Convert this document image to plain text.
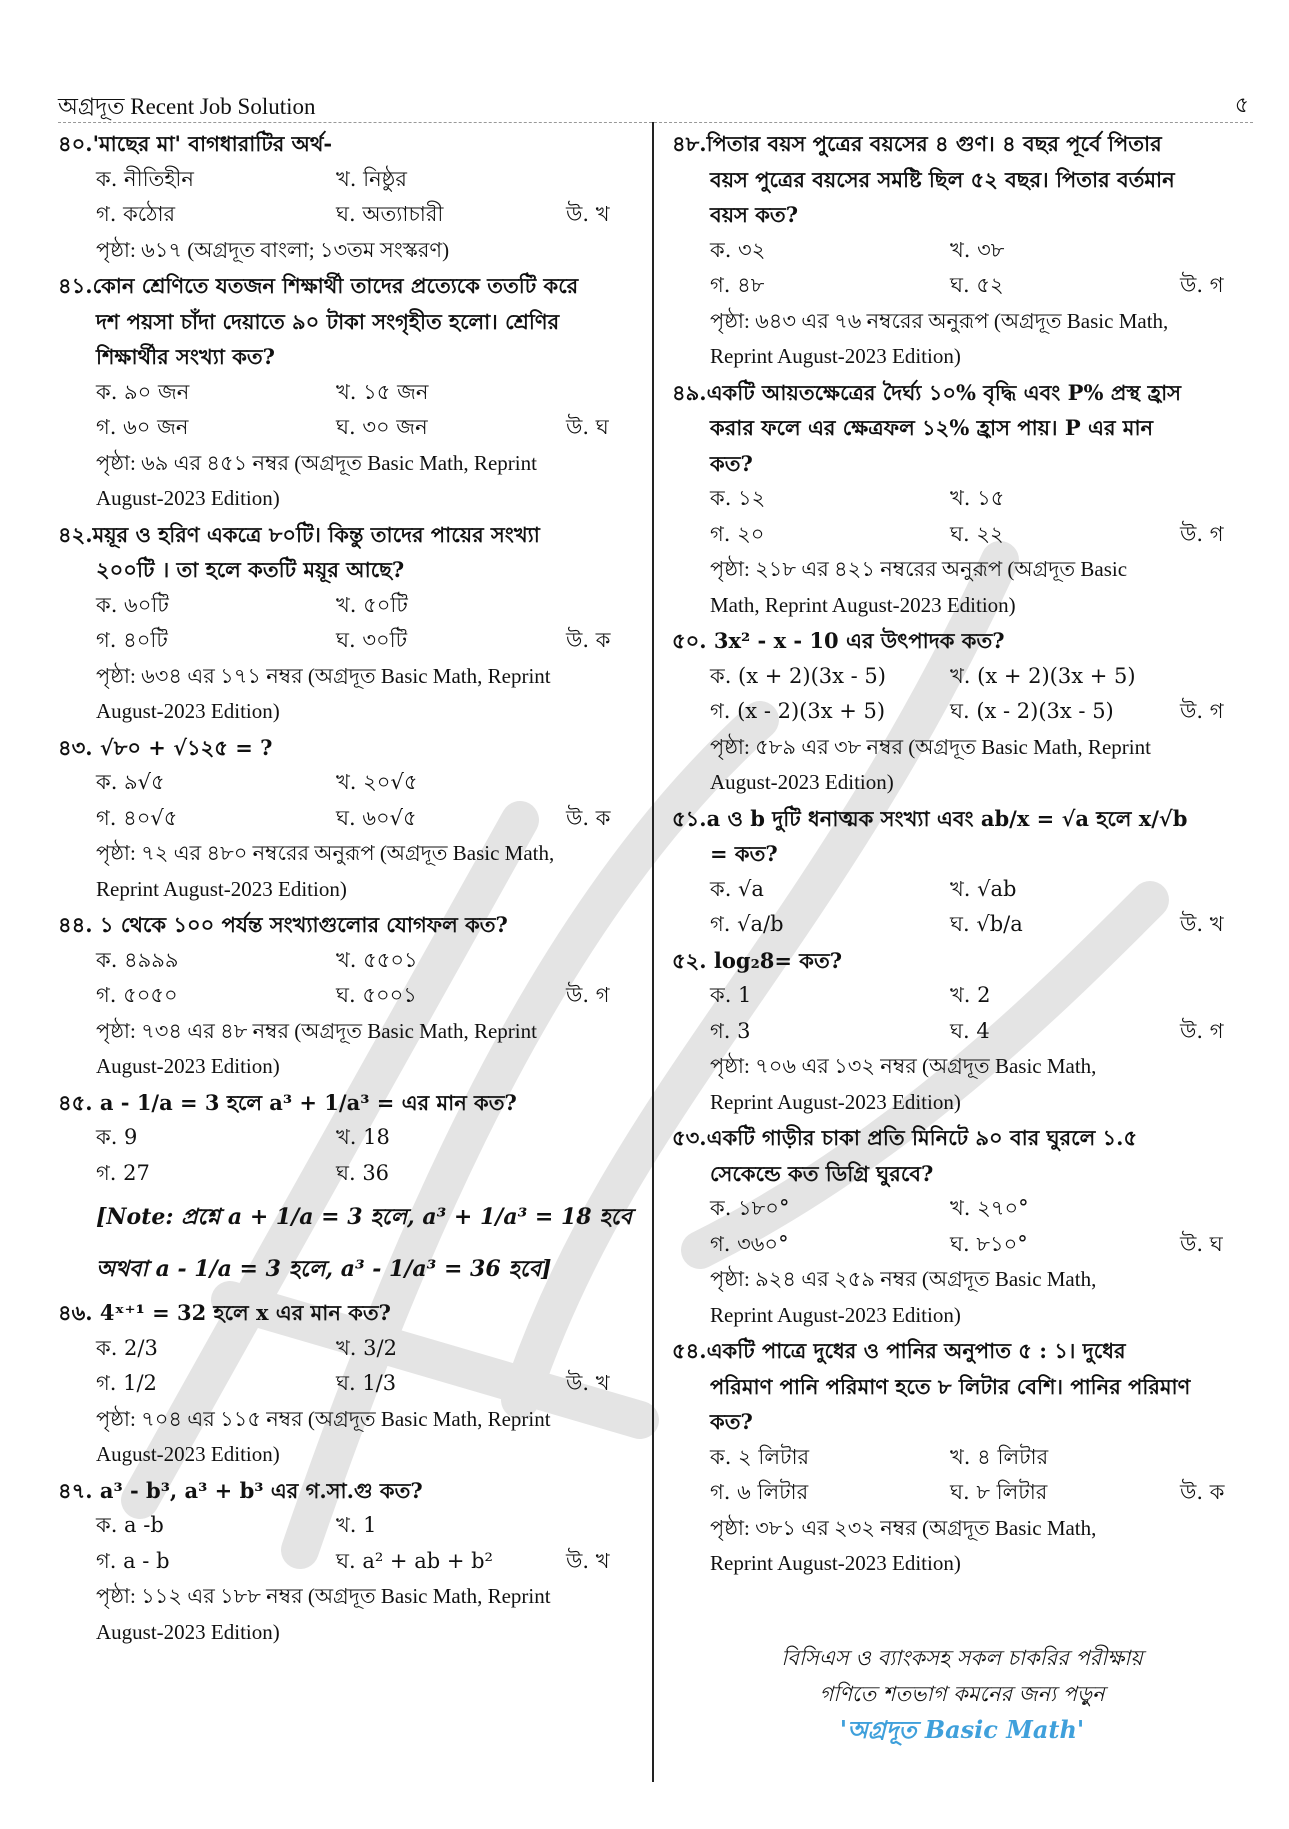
অগ্রদূত Recent Job Solution	৫
৪০.'মাছের মা' বাগধারাটির অর্থ-
ক. নীতিহীন	খ. নিষ্ঠুর
গ. কঠোর	ঘ. অত্যাচারী	উ. খ
পৃষ্ঠা: ৬১৭ (অগ্রদূত বাংলা; ১৩তম সংস্করণ)
৪১.কোন শ্রেণিতে যতজন শিক্ষার্থী তাদের প্রত্যেকে ততটি করে
দশ পয়সা চাঁদা দেয়াতে ৯০ টাকা সংগৃহীত হলো। শ্রেণির
শিক্ষার্থীর সংখ্যা কত?
ক. ৯০ জন	খ. ১৫ জন
গ. ৬০ জন	ঘ. ৩০ জন	উ. ঘ
পৃষ্ঠা: ৬৯ এর ৪৫১ নম্বর (অগ্রদূত Basic Math, Reprint
August-2023 Edition)
৪২.ময়ূর ও হরিণ একত্রে ৮০টি। কিন্তু তাদের পায়ের সংখ্যা
২০০টি । তা হলে কতটি ময়ূর আছে?
ক. ৬০টি	খ. ৫০টি
গ. ৪০টি	ঘ. ৩০টি	উ. ক
পৃষ্ঠা: ৬৩৪ এর ১৭১ নম্বর (অগ্রদূত Basic Math, Reprint
August-2023 Edition)
৪৩. √৮০ + √১২৫ = ?
ক. ৯√৫	খ. ২০√৫
গ. ৪০√৫	ঘ. ৬০√৫	উ. ক
পৃষ্ঠা: ৭২ এর ৪৮০ নম্বরের অনুরূপ (অগ্রদূত Basic Math,
Reprint August-2023 Edition)
৪৪. ১ থেকে ১০০ পর্যন্ত সংখ্যাগুলোর যোগফল কত?
ক. ৪৯৯৯	খ. ৫৫০১
গ. ৫০৫০	ঘ. ৫০০১	উ. গ
পৃষ্ঠা: ৭৩৪ এর ৪৮ নম্বর (অগ্রদূত Basic Math, Reprint
August-2023 Edition)
৪৫. a - 1/a = 3 হলে a³ + 1/a³ = এর মান কত?
ক. 9	খ. 18
গ. 27	ঘ. 36
[Note: প্রশ্নে a + 1/a = 3 হলে, a³ + 1/a³ = 18 হবে
অথবা a - 1/a = 3 হলে, a³ - 1/a³ = 36 হবে]
৪৬. 4ˣ⁺¹ = 32 হলে x এর মান কত?
ক. 2/3	খ. 3/2
গ. 1/2	ঘ. 1/3	উ. খ
পৃষ্ঠা: ৭০৪ এর ১১৫ নম্বর (অগ্রদূত Basic Math, Reprint
August-2023 Edition)
৪৭. a³ - b³, a³ + b³ এর গ.সা.গু কত?
ক. a -b	খ. 1
গ. a - b	ঘ. a² + ab + b²	উ. খ
পৃষ্ঠা: ১১২ এর ১৮৮ নম্বর (অগ্রদূত Basic Math, Reprint
August-2023 Edition)
৪৮.পিতার বয়স পুত্রের বয়সের ৪ গুণ। ৪ বছর পূর্বে পিতার
বয়স পুত্রের বয়সের সমষ্টি ছিল ৫২ বছর। পিতার বর্তমান
বয়স কত?
ক. ৩২	খ. ৩৮
গ. ৪৮	ঘ. ৫২	উ. গ
পৃষ্ঠা: ৬৪৩ এর ৭৬ নম্বরের অনুরূপ (অগ্রদূত Basic Math,
Reprint August-2023 Edition)
৪৯.একটি আয়তক্ষেত্রের দৈর্ঘ্য ১০% বৃদ্ধি এবং P% প্রস্থ হ্রাস
করার ফলে এর ক্ষেত্রফল ১২% হ্রাস পায়। P এর মান
কত?
ক. ১২	খ. ১৫
গ. ২০	ঘ. ২২	উ. গ
পৃষ্ঠা: ২১৮ এর ৪২১ নম্বরের অনুরূপ (অগ্রদূত Basic
Math, Reprint August-2023 Edition)
৫০. 3x² - x - 10 এর উৎপাদক কত?
ক. (x + 2)(3x - 5)	খ. (x + 2)(3x + 5)
গ. (x - 2)(3x + 5)	ঘ. (x - 2)(3x - 5)	উ. গ
পৃষ্ঠা: ৫৮৯ এর ৩৮ নম্বর (অগ্রদূত Basic Math, Reprint
August-2023 Edition)
৫১.a ও b দুটি ধনাত্মক সংখ্যা এবং ab/x = √a হলে x/√b
= কত?
ক. √a	খ. √ab
গ. √a/b	ঘ. √b/a	উ. খ
৫২. log₂8= কত?
ক. 1	খ. 2
গ. 3	ঘ. 4	উ. গ
পৃষ্ঠা: ৭০৬ এর ১৩২ নম্বর (অগ্রদূত Basic Math,
Reprint August-2023 Edition)
৫৩.একটি গাড়ীর চাকা প্রতি মিনিটে ৯০ বার ঘুরলে ১.৫
সেকেন্ডে কত ডিগ্রি ঘুরবে?
ক. ১৮০°	খ. ২৭০°
গ. ৩৬০°	ঘ. ৮১০°	উ. ঘ
পৃষ্ঠা: ৯২৪ এর ২৫৯ নম্বর (অগ্রদূত Basic Math,
Reprint August-2023 Edition)
৫৪.একটি পাত্রে দুধের ও পানির অনুপাত ৫ : ১। দুধের
পরিমাণ পানি পরিমাণ হতে ৮ লিটার বেশি। পানির পরিমাণ
কত?
ক. ২ লিটার	খ. ৪ লিটার
গ. ৬ লিটার	ঘ. ৮ লিটার	উ. ক
পৃষ্ঠা: ৩৮১ এর ২৩২ নম্বর (অগ্রদূত Basic Math,
Reprint August-2023 Edition)
বিসিএস ও ব্যাংকসহ সকল চাকরির পরীক্ষায়
গণিতে শতভাগ কমনের জন্য পড়ুন
'অগ্রদূত Basic Math'
